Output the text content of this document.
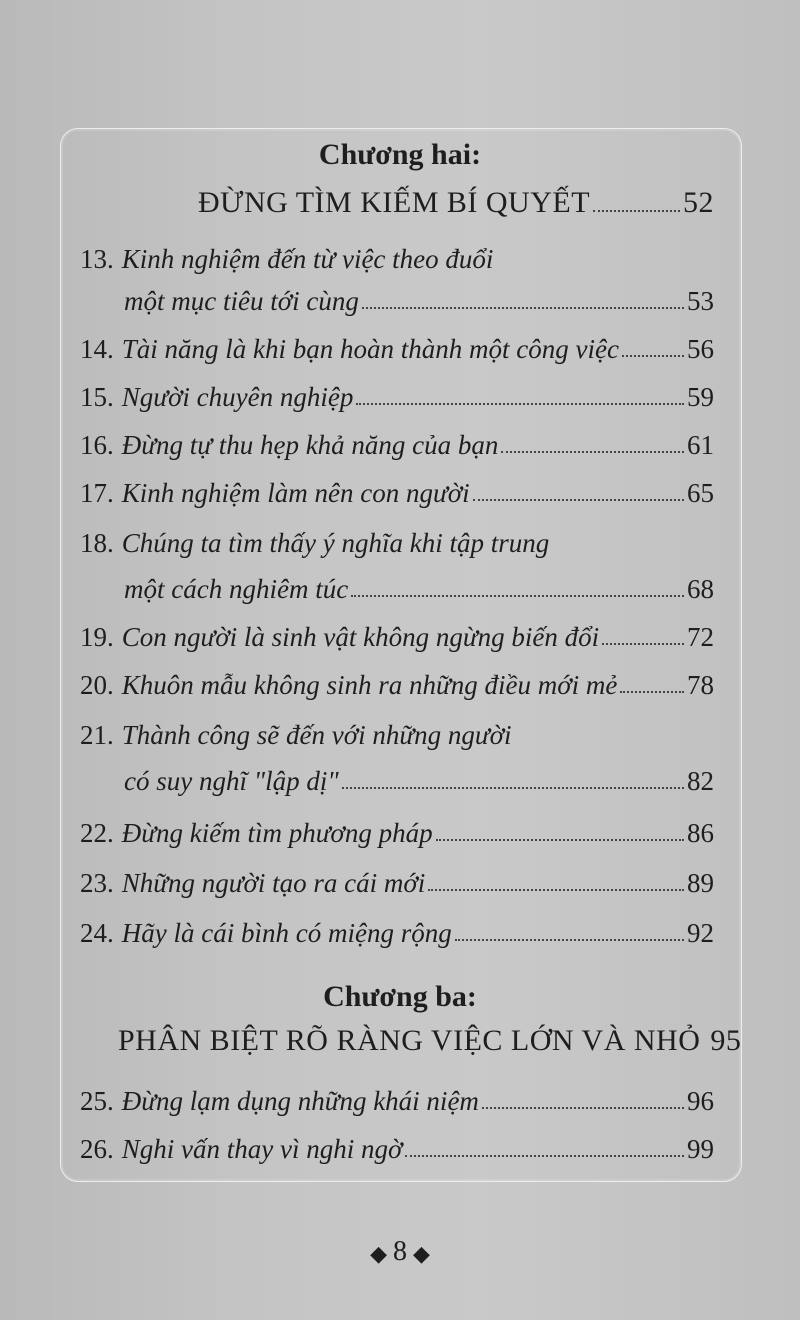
Chương hai:
ĐỪNG TÌM KIẾM BÍ QUYẾT	52
13. Kinh nghiệm đến từ việc theo đuổi
một mục tiêu tới cùng	53
14. Tài năng là khi bạn hoàn thành một công việc	56
15. Người chuyên nghiệp	59
16. Đừng tự thu hẹp khả năng của bạn	61
17. Kinh nghiệm làm nên con người	65
18. Chúng ta tìm thấy ý nghĩa khi tập trung
một cách nghiêm túc	68
19. Con người là sinh vật không ngừng biến đổi	72
20. Khuôn mẫu không sinh ra những điều mới mẻ	78
21. Thành công sẽ đến với những người
có suy nghĩ "lập dị"	82
22. Đừng kiếm tìm phương pháp	86
23. Những người tạo ra cái mới	89
24. Hãy là cái bình có miệng rộng	92
Chương ba:
PHÂN BIỆT RÕ RÀNG VIỆC LỚN VÀ NHỎ 95
25. Đừng lạm dụng những khái niệm	96
26. Nghi vấn thay vì nghi ngờ	99
◆ 8 ◆
